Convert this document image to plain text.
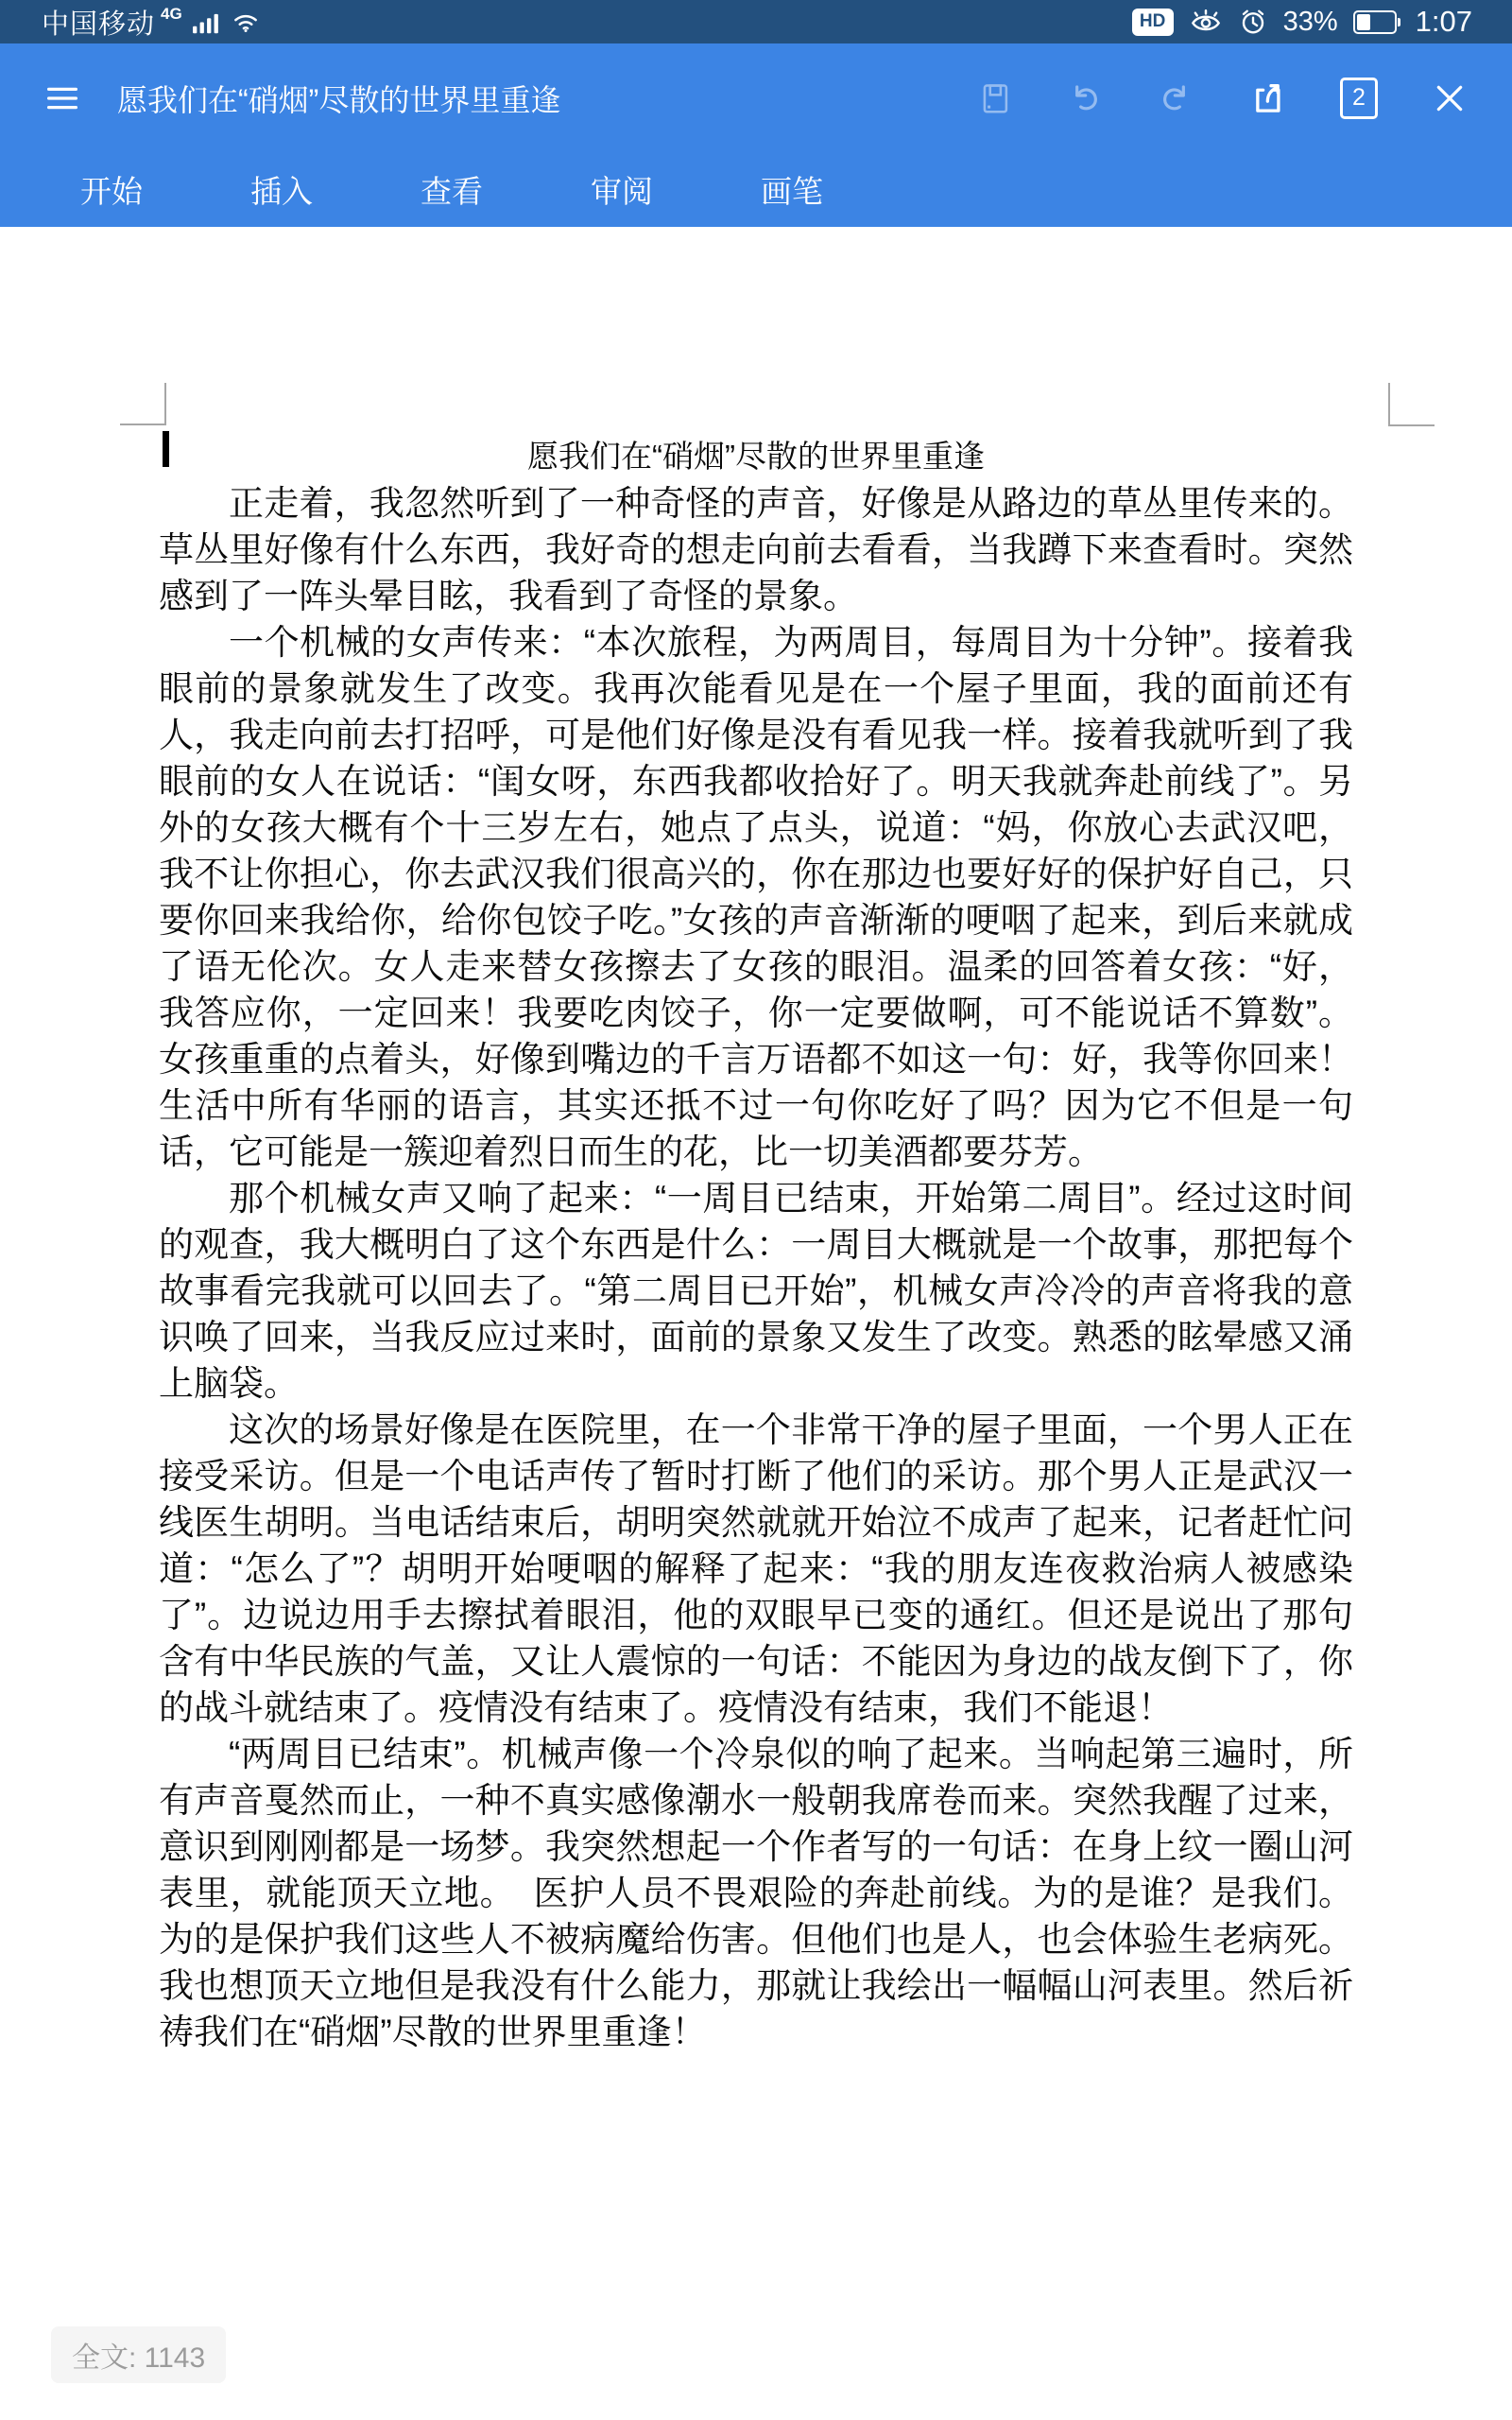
中国移动 4G	HD	33%	1:07
愿我们在“硝烟”尽散的世界里重逢	2
开始	插入	查看	审阅	画笔
愿我们在“硝烟”尽散的世界里重逢

正走着，我忽然听到了一种奇怪的声音，好像是从路边的草丛里传来的。草丛里好像有什么东西，我好奇的想走向前去看看，当我蹲下来查看时。突然感到了一阵头晕目眩，我看到了奇怪的景象。

一个机械的女声传来：“本次旅程，为两周目，每周目为十分钟”。接着我眼前的景象就发生了改变。我再次能看见是在一个屋子里面，我的面前还有人，我走向前去打招呼，可是他们好像是没有看见我一样。接着我就听到了我眼前的女人在说话：“闺女呀，东西我都收拾好了。明天我就奔赴前线了”。另外的女孩大概有个十三岁左右，她点了点头，说道：“妈，你放心去武汉吧，我不让你担心，你去武汉我们很高兴的，你在那边也要好好的保护好自己，只要你回来我给你，给你包饺子吃。”女孩的声音渐渐的哽咽了起来，到后来就成了语无伦次。女人走来替女孩擦去了女孩的眼泪。温柔的回答着女孩：“好，我答应你，一定回来！我要吃肉饺子，你一定要做啊，可不能说话不算数”。女孩重重的点着头，好像到嘴边的千言万语都不如这一句：好，我等你回来！生活中所有华丽的语言，其实还抵不过一句你吃好了吗？因为它不但是一句话，它可能是一簇迎着烈日而生的花，比一切美酒都要芬芳。

那个机械女声又响了起来：“一周目已结束，开始第二周目”。经过这时间的观查，我大概明白了这个东西是什么：一周目大概就是一个故事，那把每个故事看完我就可以回去了。“第二周目已开始”，机械女声冷冷的声音将我的意识唤了回来，当我反应过来时，面前的景象又发生了改变。熟悉的眩晕感又涌上脑袋。

这次的场景好像是在医院里，在一个非常干净的屋子里面，一个男人正在接受采访。但是一个电话声传了暂时打断了他们的采访。那个男人正是武汉一线医生胡明。当电话结束后，胡明突然就就开始泣不成声了起来，记者赶忙问道：“怎么了”？胡明开始哽咽的解释了起来：“我的朋友连夜救治病人被感染了”。边说边用手去擦拭着眼泪，他的双眼早已变的通红。但还是说出了那句含有中华民族的气盖，又让人震惊的一句话：不能因为身边的战友倒下了，你的战斗就结束了。疫情没有结束了。疫情没有结束，我们不能退！

“两周目已结束”。机械声像一个冷泉似的响了起来。当响起第三遍时，所有声音戛然而止，一种不真实感像潮水一般朝我席卷而来。突然我醒了过来，意识到刚刚都是一场梦。我突然想起一个作者写的一句话：在身上纹一圈山河表里，就能顶天立地。　医护人员不畏艰险的奔赴前线。为的是谁？是我们。为的是保护我们这些人不被病魔给伤害。但他们也是人，也会体验生老病死。我也想顶天立地但是我没有什么能力，那就让我绘出一幅幅山河表里。然后祈祷我们在“硝烟”尽散的世界里重逢！

全文: 1143
